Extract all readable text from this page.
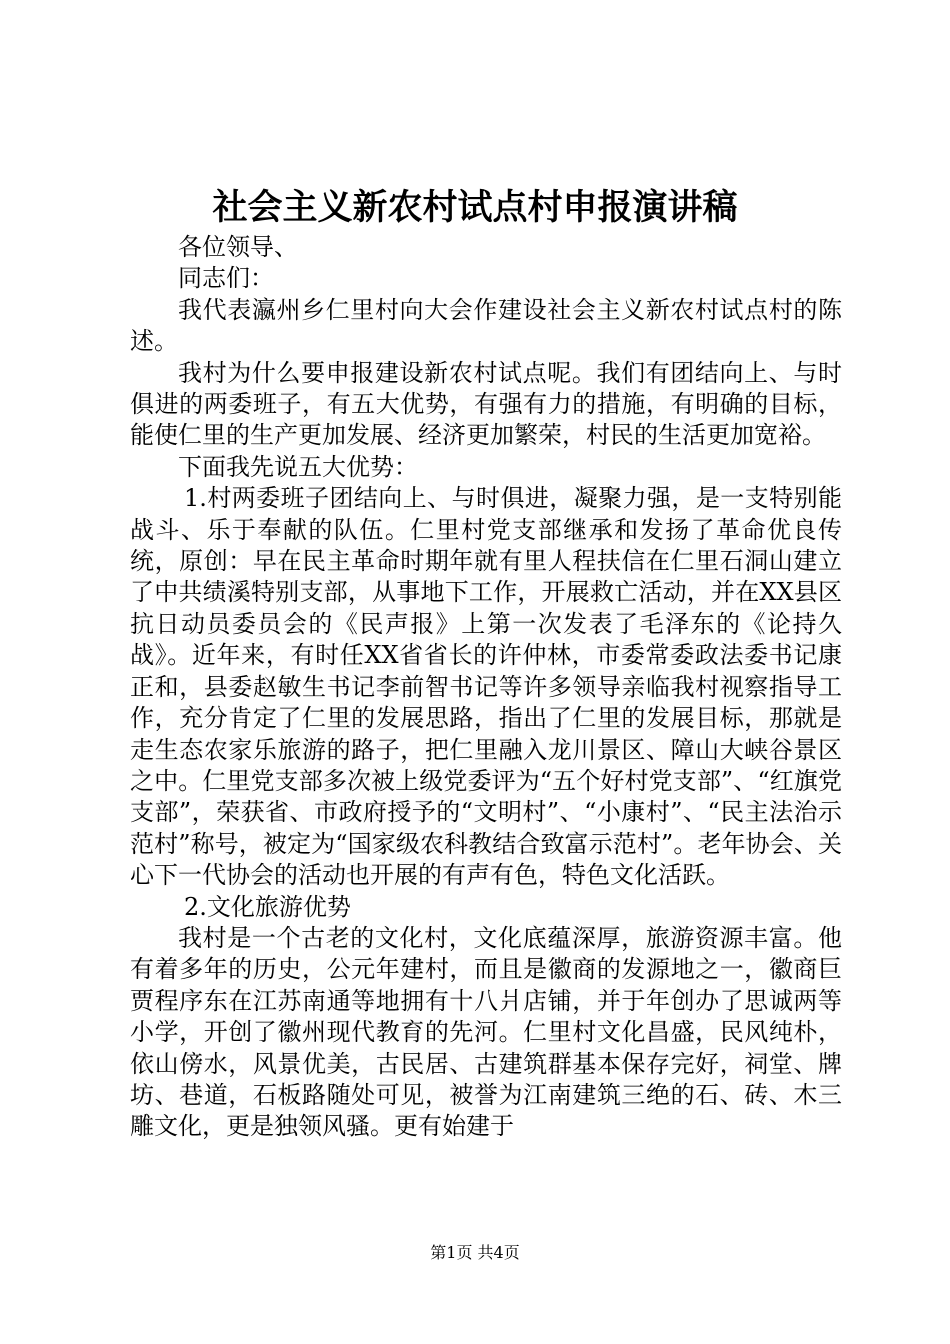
社会主义新农村试点村申报演讲稿

各位领导、

同志们：

我代表瀛州乡仁里村向大会作建设社会主义新农村试点村的陈述。

我村为什么要申报建设新农村试点呢。我们有团结向上、与时俱进的两委班子，有五大优势，有强有力的措施，有明确的目标，能使仁里的生产更加发展、经济更加繁荣，村民的生活更加宽裕。

下面我先说五大优势：

1.村两委班子团结向上、与时俱进，凝聚力强，是一支特别能战斗、乐于奉献的队伍。仁里村党支部继承和发扬了革命优良传统，原创：早在民主革命时期年就有里人程扶信在仁里石洞山建立了中共绩溪特别支部，从事地下工作，开展救亡活动，并在XX县区抗日动员委员会的《民声报》上第一次发表了毛泽东的《论持久战》。近年来，有时任XX省省长的许仲林，市委常委政法委书记康正和，县委赵敏生书记李前智书记等许多领导亲临我村视察指导工作，充分肯定了仁里的发展思路，指出了仁里的发展目标，那就是走生态农家乐旅游的路子，把仁里融入龙川景区、障山大峡谷景区之中。仁里党支部多次被上级党委评为“五个好村党支部”、“红旗党支部”，荣获省、市政府授予的“文明村”、“小康村”、“民主法治示范村”称号，被定为“国家级农科教结合致富示范村”。老年协会、关心下一代协会的活动也开展的有声有色，特色文化活跃。

2.文化旅游优势

我村是一个古老的文化村，文化底蕴深厚，旅游资源丰富。他有着多年的历史，公元年建村，而且是徽商的发源地之一，徽商巨贾程序东在江苏南通等地拥有十八爿店铺，并于年创办了思诚两等小学，开创了徽州现代教育的先河。仁里村文化昌盛，民风纯朴，依山傍水，风景优美，古民居、古建筑群基本保存完好，祠堂、牌坊、巷道，石板路随处可见，被誉为江南建筑三绝的石、砖、木三雕文化，更是独领风骚。更有始建于

第1页 共4页
